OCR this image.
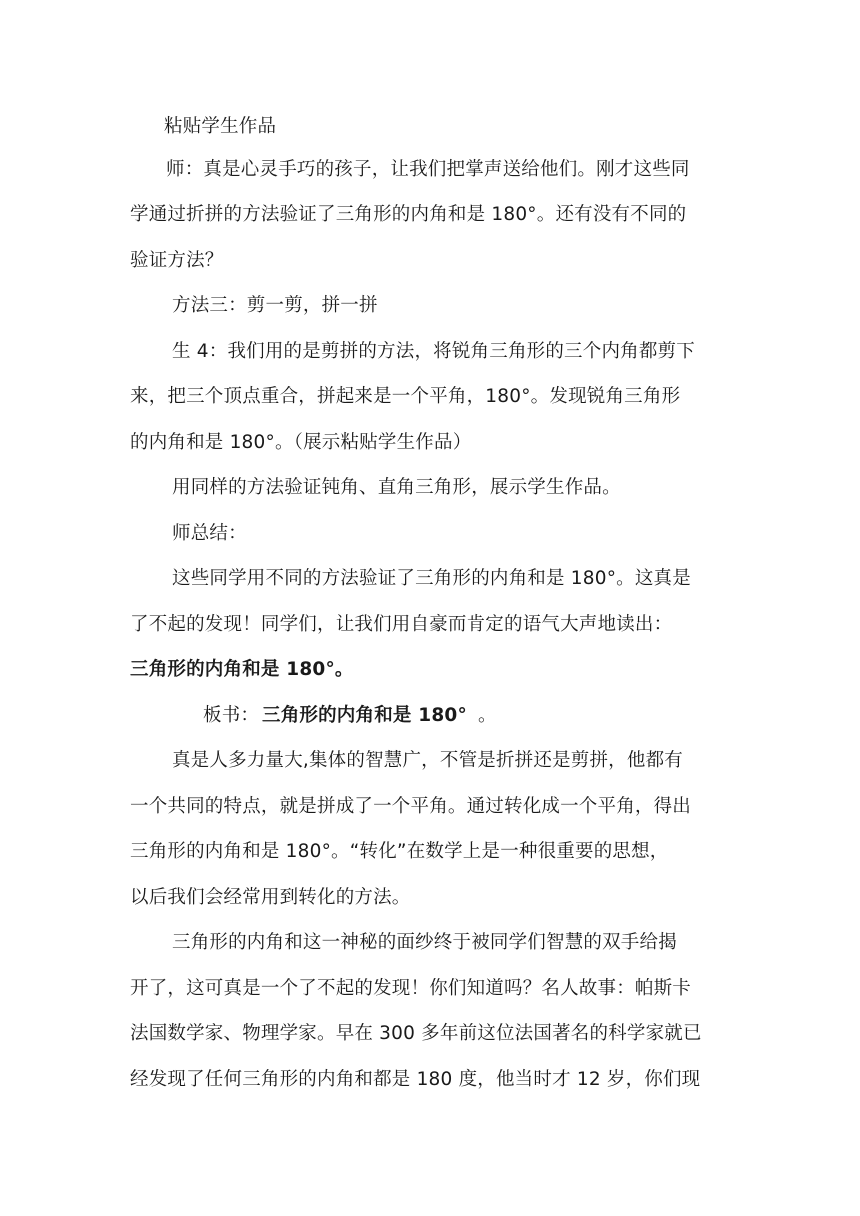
粘贴学生作品
师：真是心灵手巧的孩子，让我们把掌声送给他们。刚才这些同
学通过折拼的方法验证了三角形的内角和是 180°。还有没有不同的
验证方法？
方法三：剪一剪，拼一拼
生 4：我们用的是剪拼的方法，将锐角三角形的三个内角都剪下
来，把三个顶点重合，拼起来是一个平角，180°。发现锐角三角形
的内角和是 180°。（展示粘贴学生作品）
用同样的方法验证钝角、直角三角形，展示学生作品。
师总结：
这些同学用不同的方法验证了三角形的内角和是 180°。这真是
了不起的发现！同学们，让我们用自豪而肯定的语气大声地读出：
三角形的内角和是 180°。
板书： 三角形的内角和是 180° 。
真是人多力量大,集体的智慧广，不管是折拼还是剪拼，他都有
一个共同的特点，就是拼成了一个平角。通过转化成一个平角，得出
三角形的内角和是 180°。“转化”在数学上是一种很重要的思想，
以后我们会经常用到转化的方法。
三角形的内角和这一神秘的面纱终于被同学们智慧的双手给揭
开了，这可真是一个了不起的发现！你们知道吗？名人故事：帕斯卡
法国数学家、物理学家。早在 300 多年前这位法国著名的科学家就已
经发现了任何三角形的内角和都是 180 度，他当时才 12 岁，你们现
